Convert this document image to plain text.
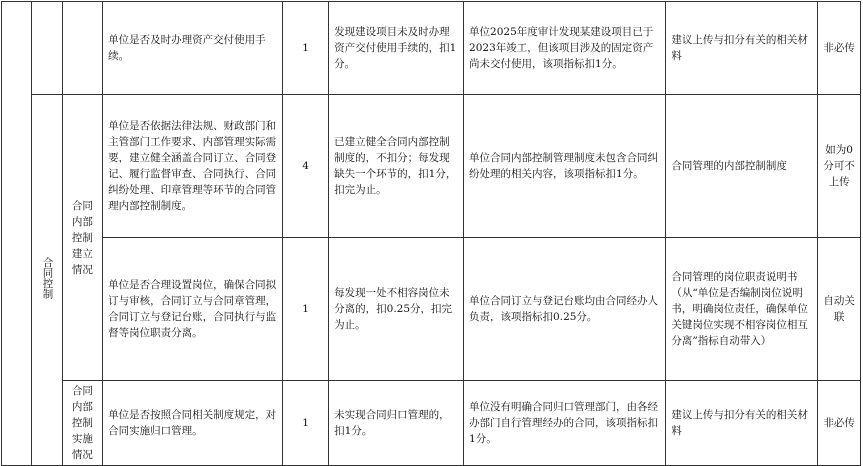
			单位是否及时办理资产交付使用手续。	1	发现建设项目未及时办理资产交付使用手续的，扣1分。	单位2025年度审计发现某建设项目已于2023年竣工，但该项目涉及的固定资产尚未交付使用，该项指标扣1分。	建议上传与扣分有关的相关材料	非必传
	合同控制	合同内部控制建立情况	单位是否依据法律法规、财政部门和主管部门工作要求、内部管理实际需要，建立健全涵盖合同订立、合同登记、履行监督审查、合同执行、合同纠纷处理、印章管理等环节的合同管理内部控制制度。	4	已建立健全合同内部控制制度的，不扣分；每发现缺失一个环节的，扣1分，扣完为止。	单位合同内部控制管理制度未包含合同纠纷处理的相关内容，该项指标扣1分。	合同管理的内部控制制度	如为0分可不上传
			单位是否合理设置岗位，确保合同拟订与审核，合同订立与合同章管理，合同订立与登记台账，合同执行与监督等岗位职责分离。	1	每发现一处不相容岗位未分离的，扣0.25分，扣完为止。	单位合同订立与登记台账均由合同经办人负责，该项指标扣0.25分。	合同管理的岗位职责说明书（从“单位是否编制岗位说明书，明确岗位责任，确保单位关键岗位实现不相容岗位相互分离”指标自动带入）	自动关联
		合同内部控制实施情况	单位是否按照合同相关制度规定，对合同实施归口管理。	1	未实现合同归口管理的，扣1分。	单位没有明确合同归口管理部门，由各经办部门自行管理经办的合同，该项指标扣1分。	建议上传与扣分有关的相关材料	非必传
